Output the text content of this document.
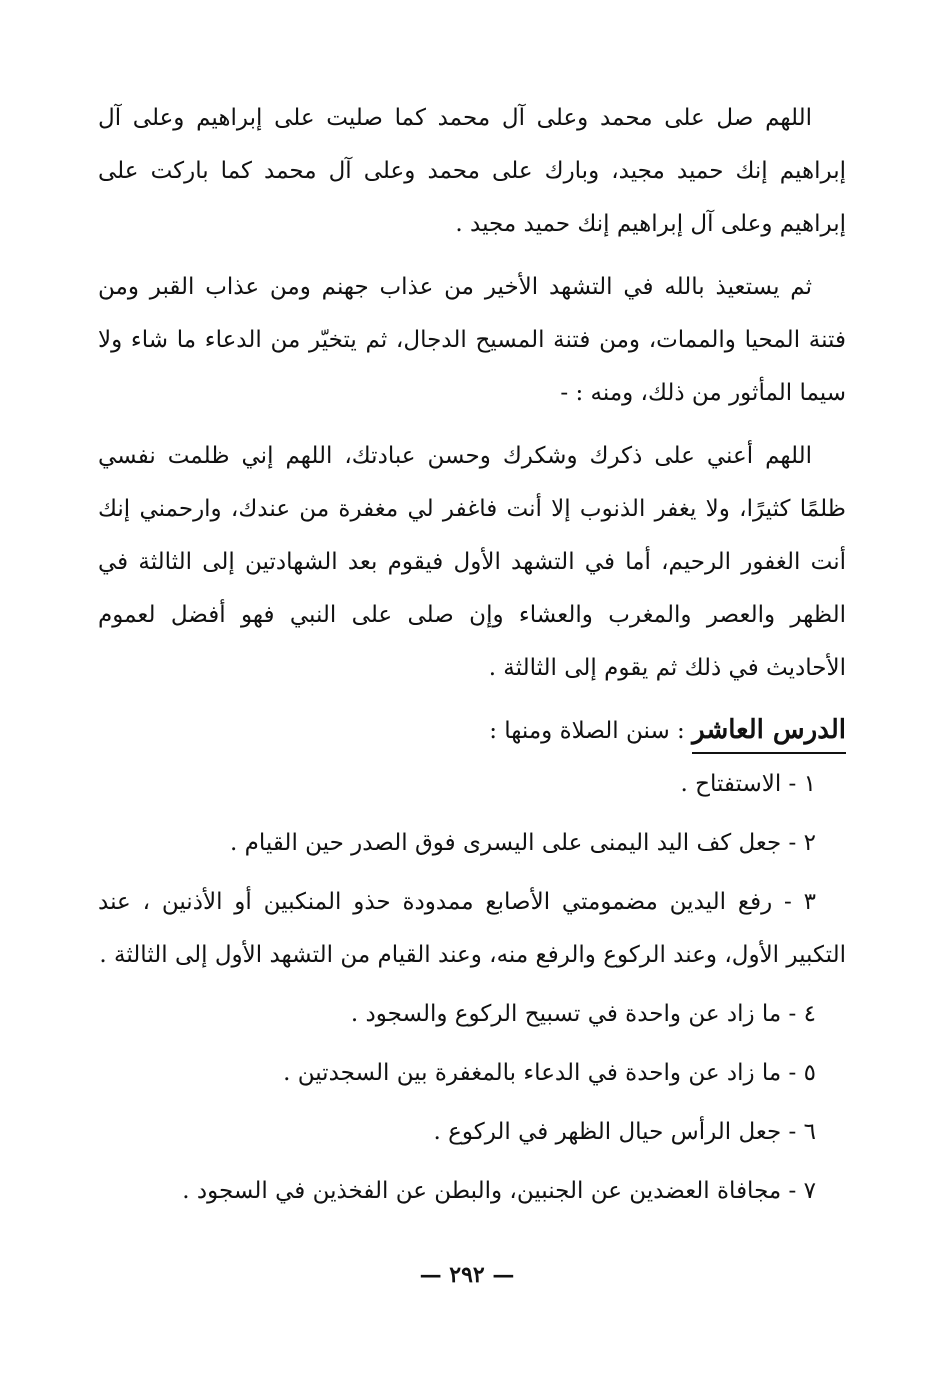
اللهم صل على محمد وعلى آل محمد كما صليت على إبراهيم وعلى آل إبراهيم إنك حميد مجيد، وبارك على محمد وعلى آل محمد كما باركت على إبراهيم وعلى آل إبراهيم إنك حميد مجيد .

ثم يستعيذ بالله في التشهد الأخير من عذاب جهنم ومن عذاب القبر ومن فتنة المحيا والممات، ومن فتنة المسيح الدجال، ثم يتخيّر من الدعاء ما شاء ولا سيما المأثور من ذلك، ومنه : -

اللهم أعني على ذكرك وشكرك وحسن عبادتك، اللهم إني ظلمت نفسي ظلمًا كثيرًا، ولا يغفر الذنوب إلا أنت فاغفر لي مغفرة من عندك، وارحمني إنك أنت الغفور الرحيم، أما في التشهد الأول فيقوم بعد الشهادتين إلى الثالثة في الظهر والعصر والمغرب والعشاء وإن صلى على النبي فهو أفضل لعموم الأحاديث في ذلك ثم يقوم إلى الثالثة .

الدرس العاشر : سنن الصلاة ومنها :

١ - الاستفتاح .

٢ - جعل كف اليد اليمنى على اليسرى فوق الصدر حين القيام .

٣ - رفع اليدين مضمومتي الأصابع ممدودة حذو المنكبين أو الأذنين ، عند التكبير الأول، وعند الركوع والرفع منه، وعند القيام من التشهد الأول إلى الثالثة .

٤ - ما زاد عن واحدة في تسبيح الركوع والسجود .

٥ - ما زاد عن واحدة في الدعاء بالمغفرة بين السجدتين .

٦ - جعل الرأس حيال الظهر في الركوع .

٧ - مجافاة العضدين عن الجنبين، والبطن عن الفخذين في السجود .

— ٢٩٢ —
